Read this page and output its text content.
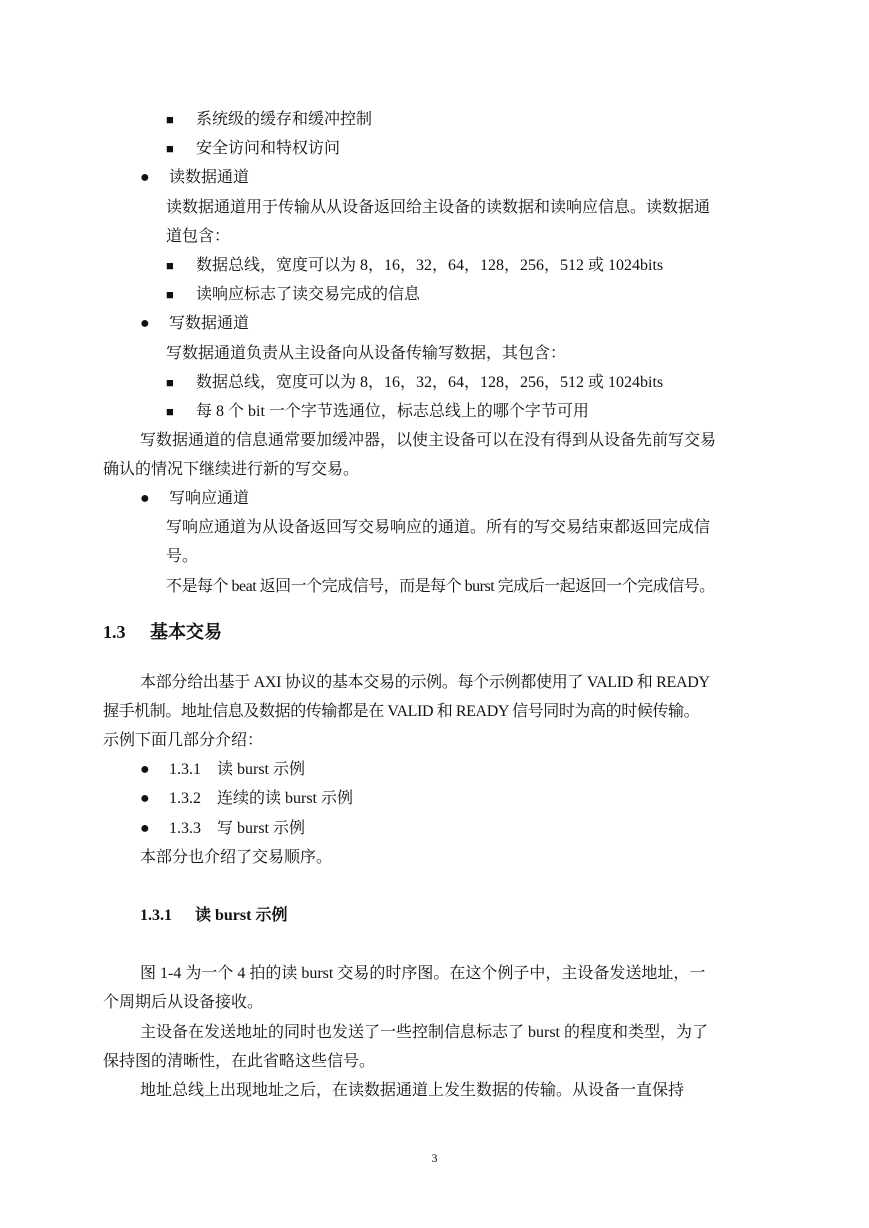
■ 系统级的缓存和缓冲控制
■ 安全访问和特权访问
● 读数据通道
读数据通道用于传输从从设备返回给主设备的读数据和读响应信息。读数据通
道包含：
■ 数据总线，宽度可以为 8，16，32，64，128，256，512 或 1024bits
■ 读响应标志了读交易完成的信息
● 写数据通道
写数据通道负责从主设备向从设备传输写数据，其包含：
■ 数据总线，宽度可以为 8，16，32，64，128，256，512 或 1024bits
■ 每 8 个 bit 一个字节选通位，标志总线上的哪个字节可用
写数据通道的信息通常要加缓冲器，以使主设备可以在没有得到从设备先前写交易
确认的情况下继续进行新的写交易。
● 写响应通道
写响应通道为从设备返回写交易响应的通道。所有的写交易结束都返回完成信
号。
不是每个 beat 返回一个完成信号，而是每个 burst 完成后一起返回一个完成信号。
1.3 基本交易
本部分给出基于 AXI 协议的基本交易的示例。每个示例都使用了 VALID 和 READY
握手机制。地址信息及数据的传输都是在 VALID 和 READY 信号同时为高的时候传输。
示例下面几部分介绍：
● 1.3.1　读 burst 示例
● 1.3.2　连续的读 burst 示例
● 1.3.3　写 burst 示例
本部分也介绍了交易顺序。
1.3.1 读 burst 示例
图 1-4 为一个 4 拍的读 burst 交易的时序图。在这个例子中，主设备发送地址，一
个周期后从设备接收。
主设备在发送地址的同时也发送了一些控制信息标志了 burst 的程度和类型，为了
保持图的清晰性，在此省略这些信号。
地址总线上出现地址之后，在读数据通道上发生数据的传输。从设备一直保持
3
